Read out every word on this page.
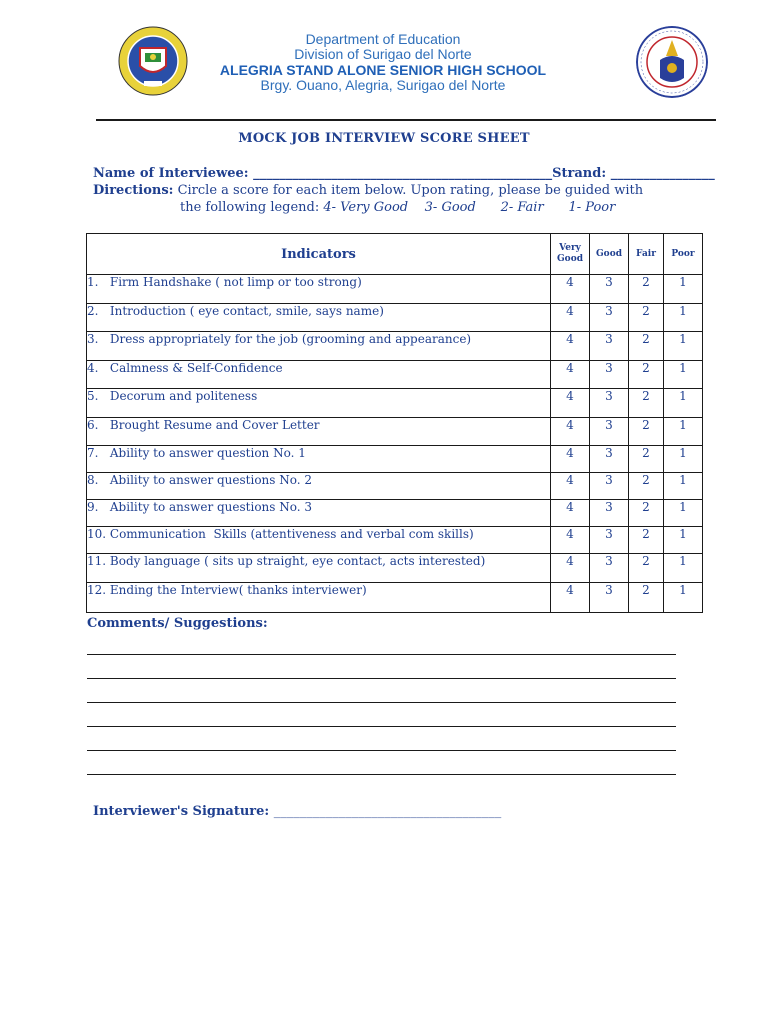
Department of Education
Division of Surigao del Norte
ALEGRIA STAND ALONE SENIOR HIGH SCHOOL
Brgy. Ouano, Alegria, Surigao del Norte
MOCK JOB INTERVIEW SCORE SHEET
Name of Interviewee: ______________________________________________Strand: ________________
Directions: Circle a score for each item below. Upon rating, please be guided with
the following legend: 4- Very Good    3- Good      2- Fair      1- Poor
Indicators	Very Good	Good	Fair	Poor
1.   Firm Handshake ( not limp or too strong)	4	3	2	1
2.   Introduction ( eye contact, smile, says name)	4	3	2	1
3.   Dress appropriately for the job (grooming and appearance)	4	3	2	1
4.   Calmness & Self-Confidence	4	3	2	1
5.   Decorum and politeness	4	3	2	1
6.   Brought Resume and Cover Letter	4	3	2	1
7.   Ability to answer question No. 1	4	3	2	1
8.   Ability to answer questions No. 2	4	3	2	1
9.   Ability to answer questions No. 3	4	3	2	1
10. Communication  Skills (attentiveness and verbal com skills)	4	3	2	1
11. Body language ( sits up straight, eye contact, acts interested)	4	3	2	1
12. Ending the Interview( thanks interviewer)	4	3	2	1
Comments/ Suggestions:
Interviewer's Signature: ___________________________________
